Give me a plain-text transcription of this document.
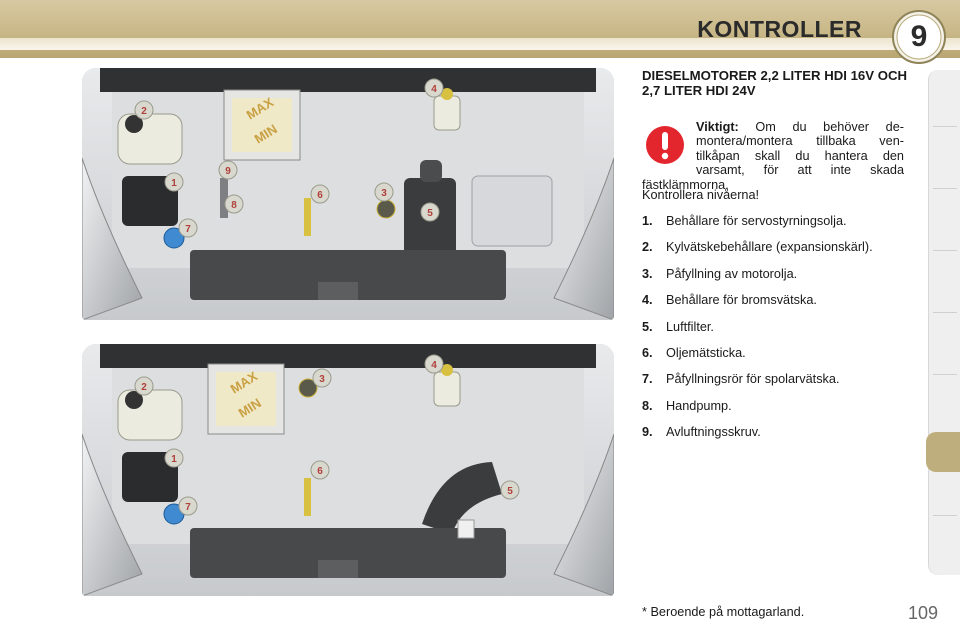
KONTROLLER	9
MAX
MIN
2
4
9
1
6	3
8
5
7
MAX
MIN
2
3
4
1
6
5
7
DIESELMOTORER 2,2 LITER HDI 16V OCH 2,7 LITER HDI 24V
Viktigt: Om du behöver de-montera/montera tillbaka ven-tilkåpan skall du hantera den varsamt, för att inte skada fästklämmorna.
Kontrollera nivåerna!
1. Behållare för servostyrningsolja.
2. Kylvätskebehållare (expansionskärl).
3. Påfyllning av motorolja.
4. Behållare för bromsvätska.
5. Luftfilter.
6. Oljemätsticka.
7. Påfyllningsrör för spolarvätska.
8. Handpump.
9. Avluftningsskruv.
* Beroende på mottagarland.	109
